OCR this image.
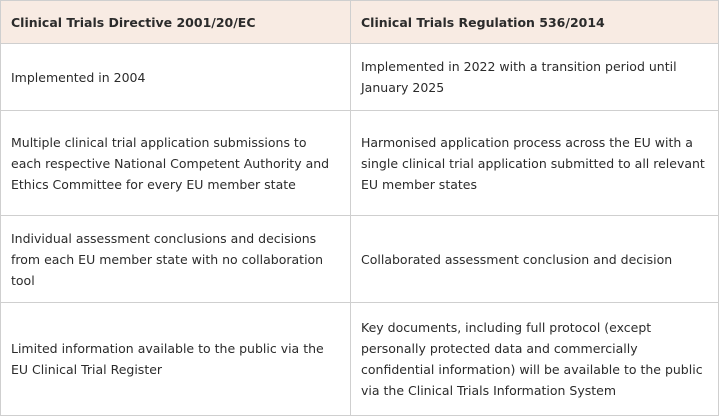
Clinical Trials Directive 2001/20/EC	Clinical Trials Regulation 536/2014

Implemented in 2004	Implemented in 2022 with a transition period until January 2025

Multiple clinical trial application submissions to each respective National Competent Authority and Ethics Committee for every EU member state	Harmonised application process across the EU with a single clinical trial application submitted to all relevant EU member states

Individual assessment conclusions and decisions from each EU member state with no collaboration tool	Collaborated assessment conclusion and decision

Limited information available to the public via the EU Clinical Trial Register	Key documents, including full protocol (except personally protected data and commercially confidential information) will be available to the public via the Clinical Trials Information System
